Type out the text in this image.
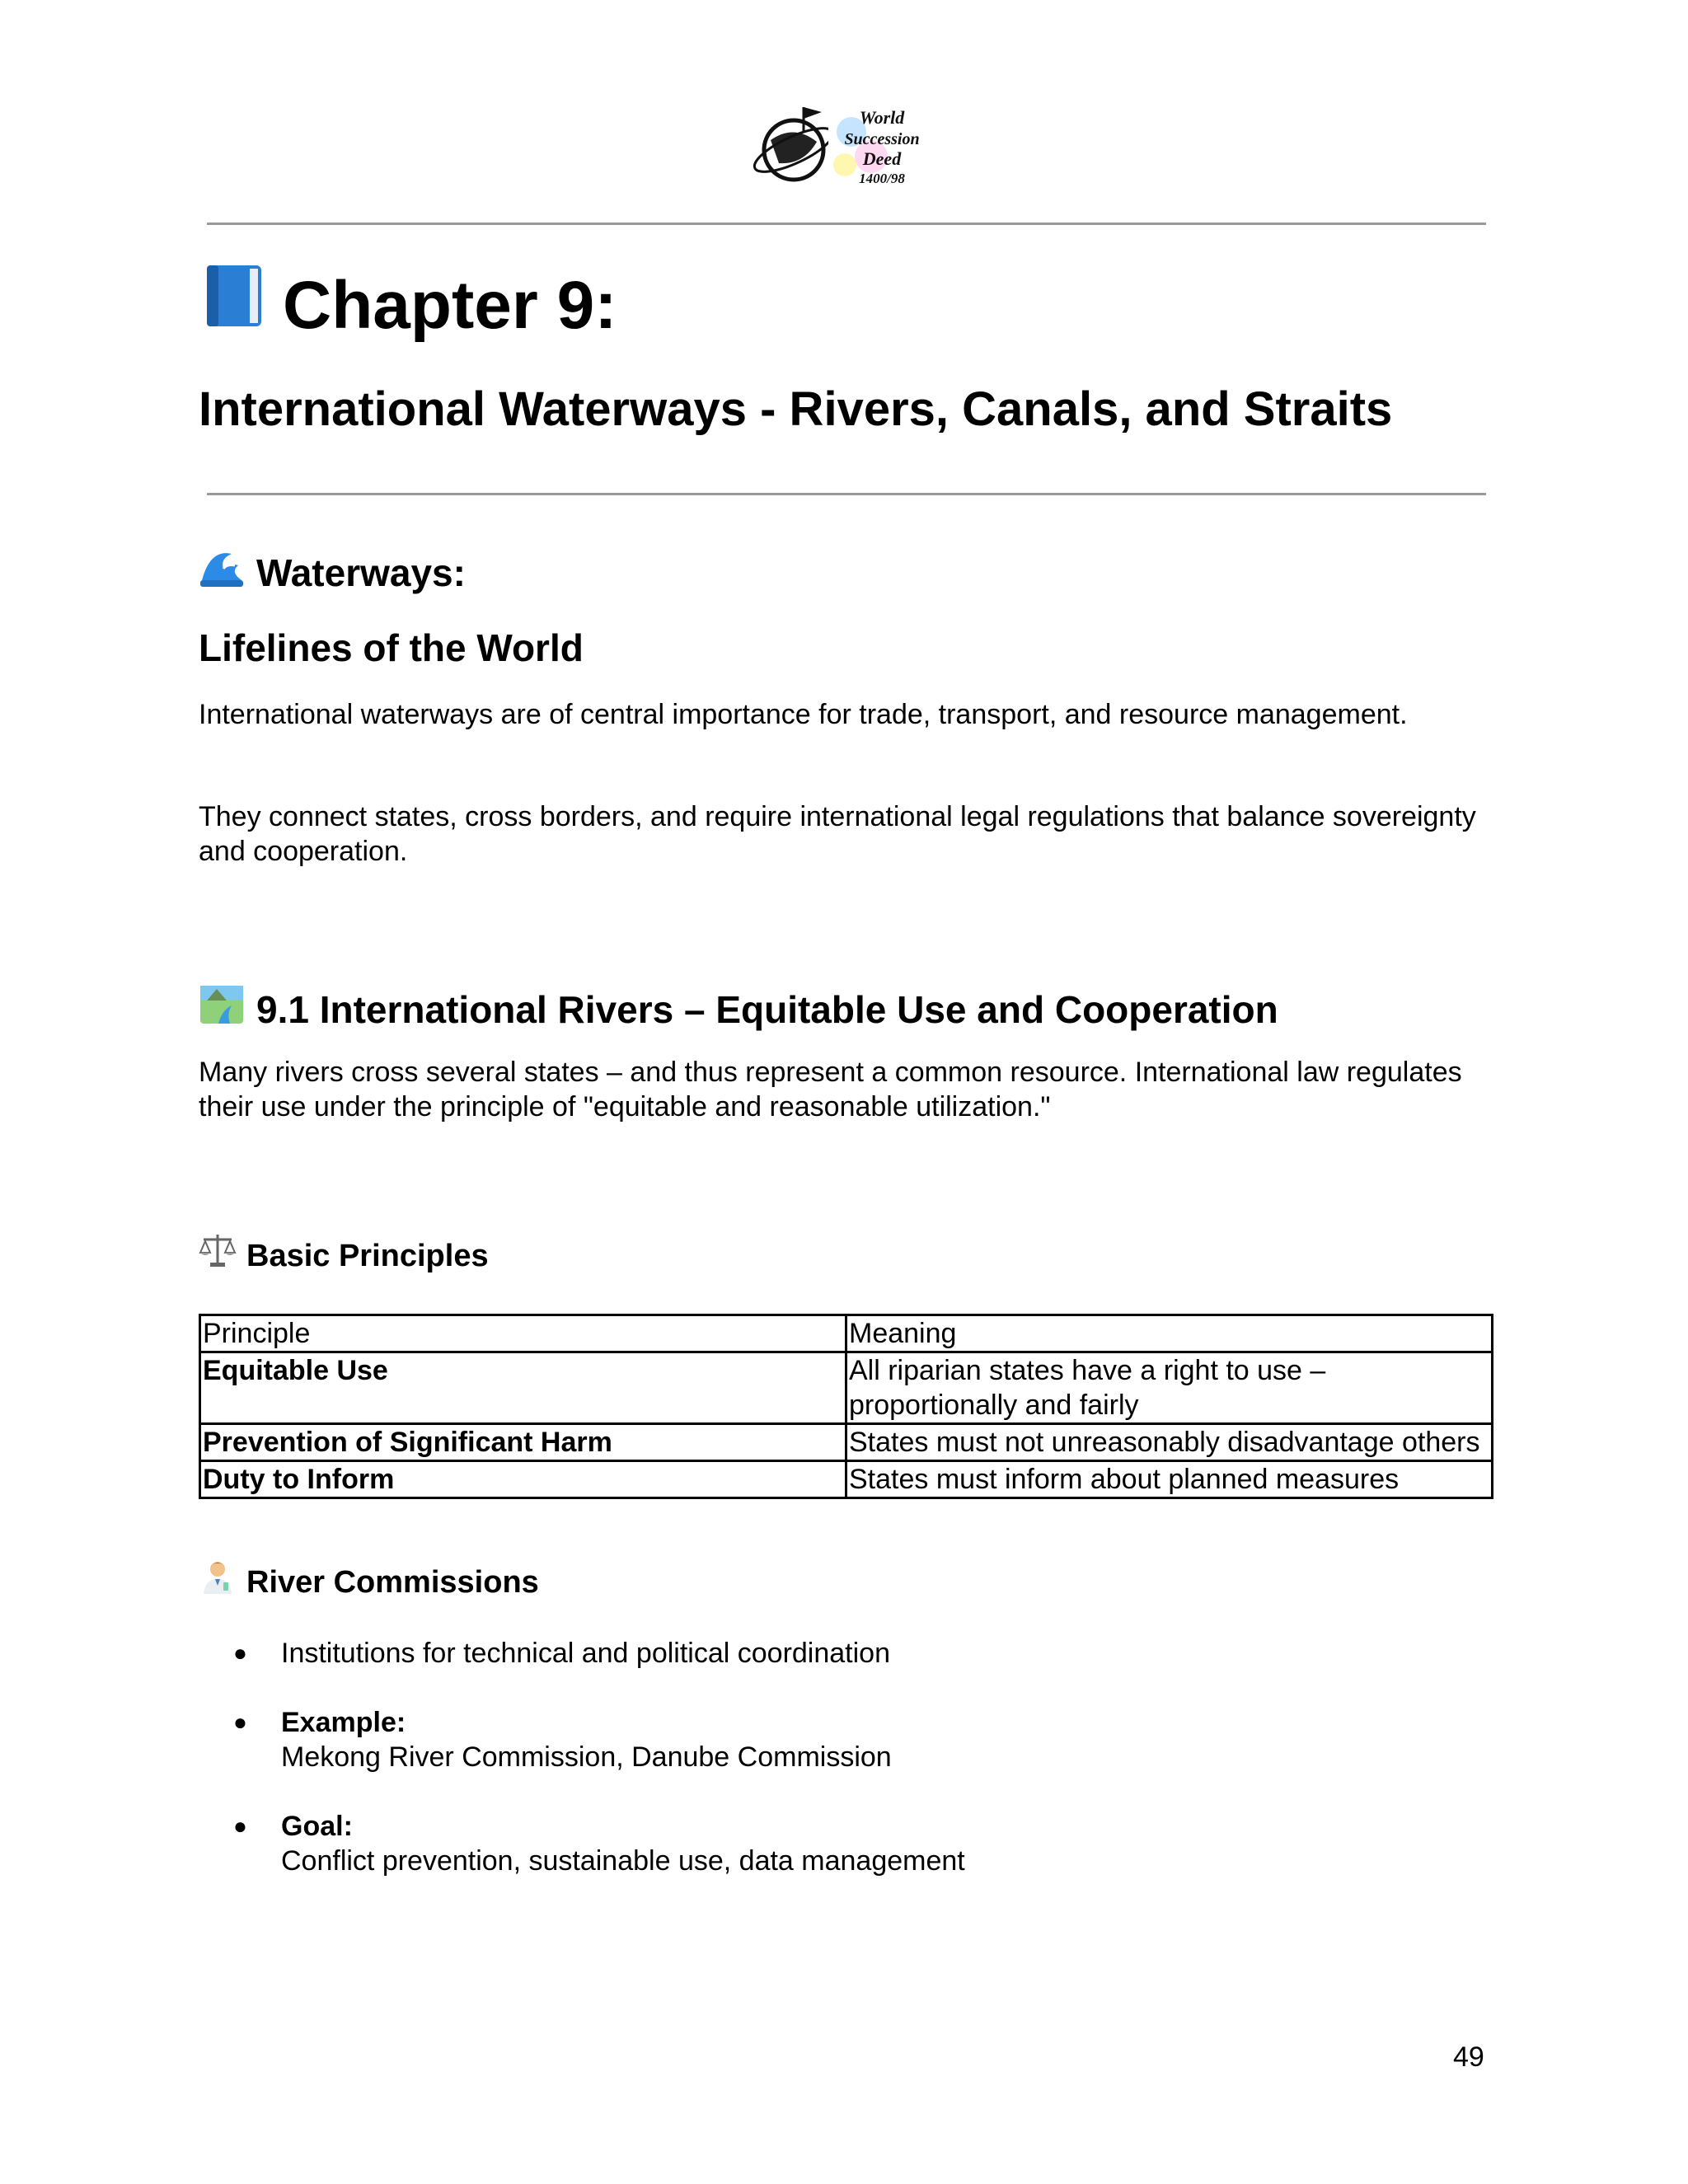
World
Succession
Deed
1400/98
Chapter 9:
International Waterways - Rivers, Canals, and Straits
Waterways:
Lifelines of the World
International waterways are of central importance for trade, transport, and resource management.
They connect states, cross borders, and require international legal regulations that balance sovereignty and cooperation.
9.1 International Rivers – Equitable Use and Cooperation
Many rivers cross several states – and thus represent a common resource. International law regulates their use under the principle of "equitable and reasonable utilization."
Basic Principles
Principle	Meaning
Equitable Use	All riparian states have a right to use – proportionally and fairly
Prevention of Significant Harm	States must not unreasonably disadvantage others
Duty to Inform	States must inform about planned measures
River Commissions
● Institutions for technical and political coordination
● Example:
Mekong River Commission, Danube Commission
● Goal:
Conflict prevention, sustainable use, data management
49
